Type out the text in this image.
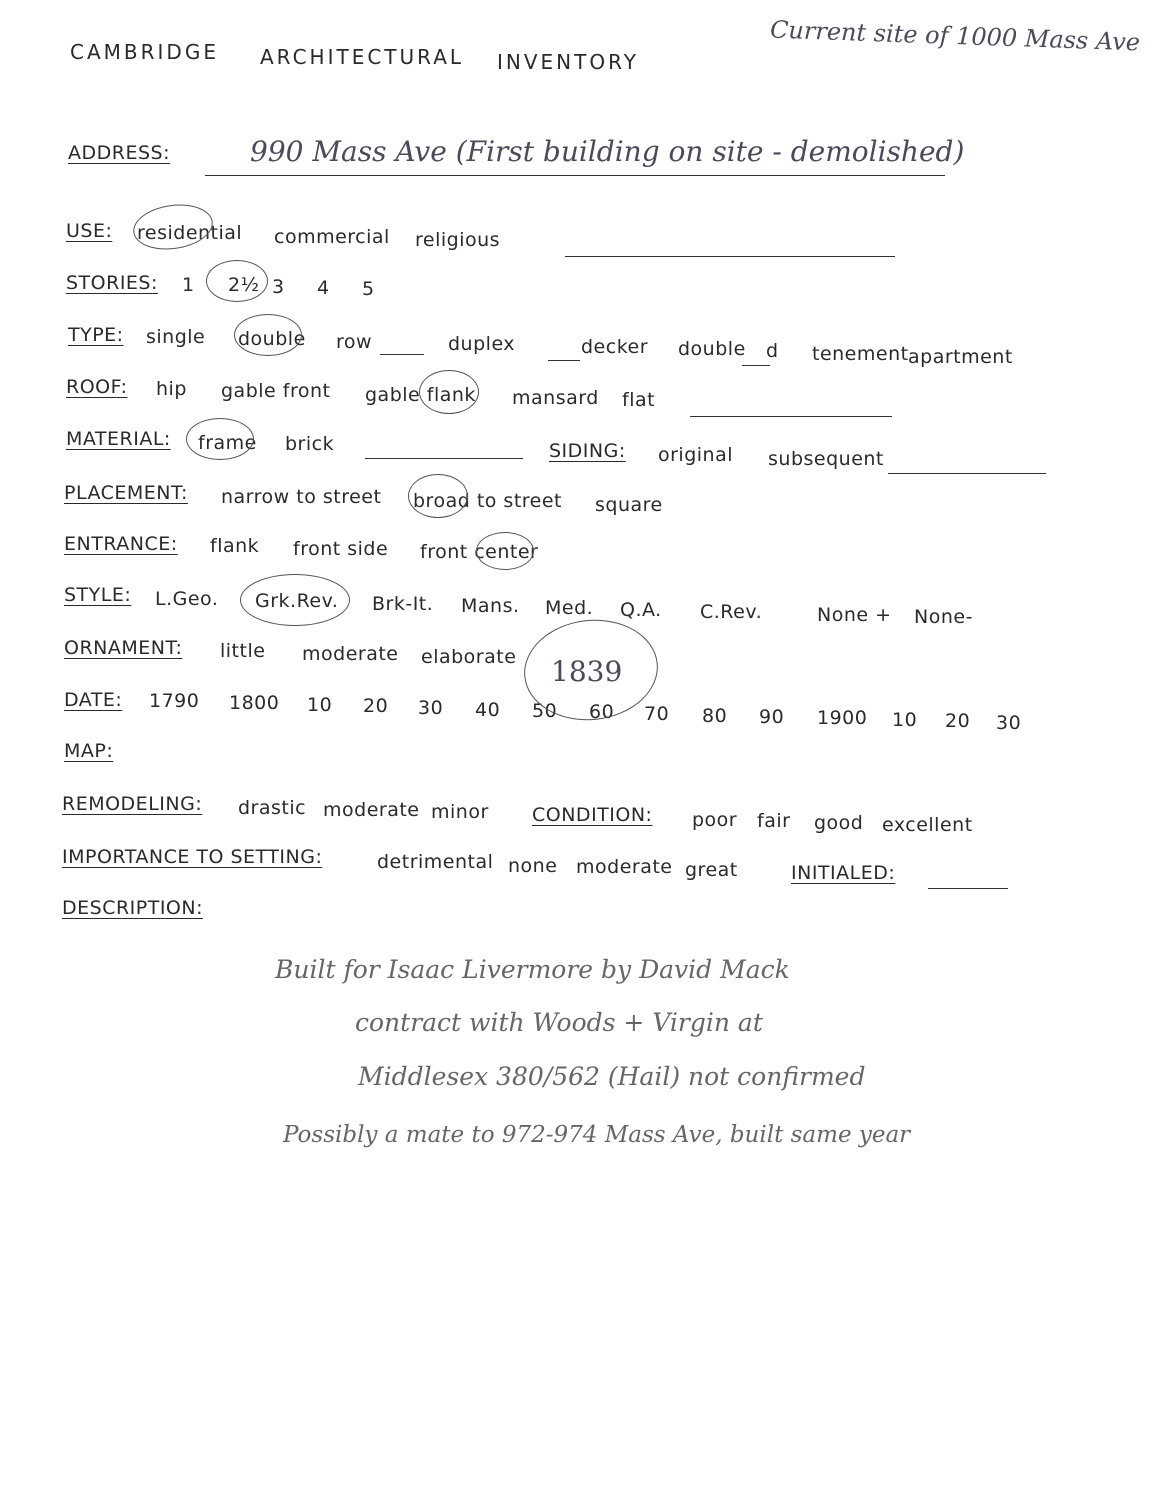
CAMBRIDGE ARCHITECTURAL INVENTORY
Current site of 1000 Mass Ave
ADDRESS:	990 Mass Ave (First building on site - demolished)
USE: residential commercial religious
STORIES: 1 2½ 3 4 5
TYPE: single double row	duplex	decker double d tenement apartment
ROOF: hip gable front gable flank mansard flat
MATERIAL: frame brick	SIDING: original subsequent
PLACEMENT: narrow to street broad to street square
ENTRANCE: flank front side front center
STYLE: L.Geo. Grk.Rev. Brk-It. Mans. Med. Q.A. C.Rev.	None + None-
ORNAMENT: little moderate elaborate
DATE: 1790 1800 10 20 30 40 50 60 70 80 90 1900 10 20 30
1839
MAP:
REMODELING: drastic moderate minor CONDITION: poor fair good excellent
IMPORTANCE TO SETTING:	detrimental none moderate great	INITIALED:
DESCRIPTION:
Built for Isaac Livermore by David Mack
contract with Woods + Virgin at
Middlesex 380/562 (Hail) not confirmed
Possibly a mate to 972-974 Mass Ave, built same year
